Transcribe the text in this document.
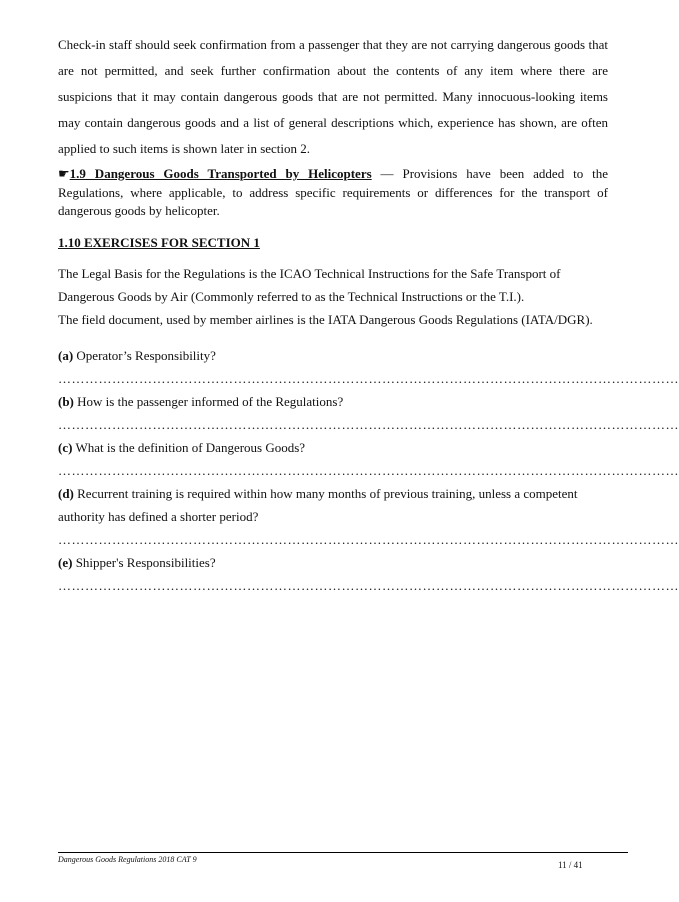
Check-in staff should seek confirmation from a passenger that they are not carrying dangerous goods that are not permitted, and seek further confirmation about the contents of any item where there are suspicions that it may contain dangerous goods that are not permitted. Many innocuous-looking items may contain dangerous goods and a list of general descriptions which, experience has shown, are often applied to such items is shown later in section 2.

☛1.9 Dangerous Goods Transported by Helicopters — Provisions have been added to the Regulations, where applicable, to address specific requirements or differences for the transport of dangerous goods by helicopter.

1.10 EXERCISES FOR SECTION 1
The Legal Basis for the Regulations is the ICAO Technical Instructions for the Safe Transport of
Dangerous Goods by Air (Commonly referred to as the Technical Instructions or the T.I.).
The field document, used by member airlines is the IATA Dangerous Goods Regulations (IATA/DGR).
(a) Operator’s Responsibility?
…………………………………………………………………………………………………………………………
(b) How is the passenger informed of the Regulations?
…………………………………………………………………………………………………………………………
(c) What is the definition of Dangerous Goods?
…………………………………………………………………………………………………………………………
(d) Recurrent training is required within how many months of previous training, unless a competent
authority has defined a shorter period?
…………………………………………………………………………………………………………………………
(e) Shipper's Responsibilities?
…………………………………………………………………………………………………………………………
Dangerous Goods Regulations 2018 CAT 9
11 / 41
